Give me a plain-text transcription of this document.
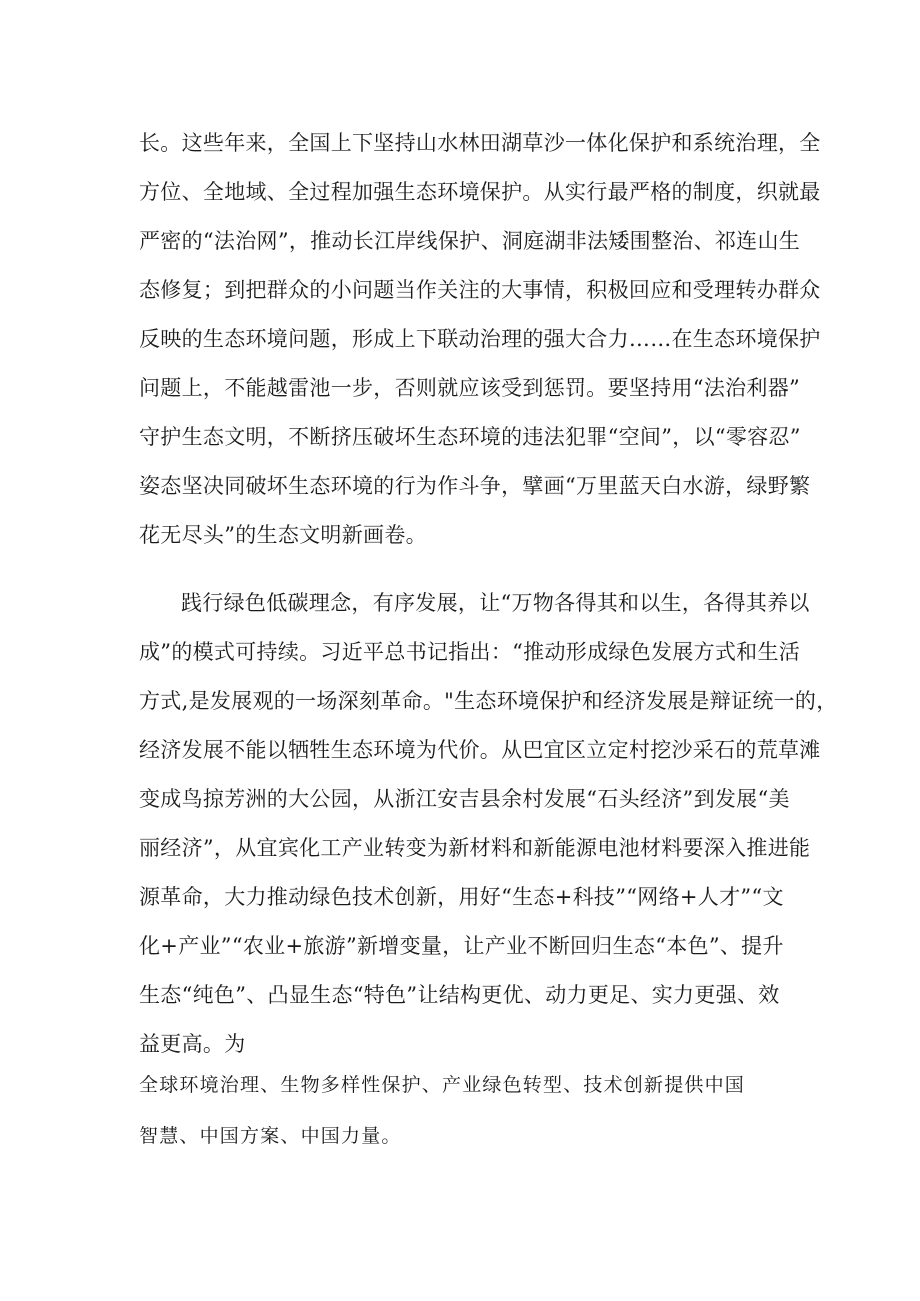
长。这些年来，全国上下坚持山水林田湖草沙一体化保护和系统治理，全
方位、全地域、全过程加强生态环境保护。从实行最严格的制度，织就最
严密的“法治网”，推动长江岸线保护、洞庭湖非法矮围整治、祁连山生
态修复；到把群众的小问题当作关注的大事情，积极回应和受理转办群众
反映的生态环境问题，形成上下联动治理的强大合力……在生态环境保护
问题上，不能越雷池一步，否则就应该受到惩罚。要坚持用“法治利器”
守护生态文明，不断挤压破坏生态环境的违法犯罪“空间”，以“零容忍”
姿态坚决同破坏生态环境的行为作斗争，擘画“万里蓝天白水游，绿野繁
花无尽头”的生态文明新画卷。
践行绿色低碳理念，有序发展，让“万物各得其和以生，各得其养以
成”的模式可持续。习近平总书记指出：“推动形成绿色发展方式和生活
方式,是发展观的一场深刻革命。"生态环境保护和经济发展是辩证统一的，
经济发展不能以牺牲生态环境为代价。从巴宜区立定村挖沙采石的荒草滩
变成鸟掠芳洲的大公园，从浙江安吉县余村发展“石头经济”到发展“美
丽经济”，从宜宾化工产业转变为新材料和新能源电池材料要深入推进能
源革命，大力推动绿色技术创新，用好“生态+科技”“网络+人才”“文
化+产业”“农业+旅游”新增变量，让产业不断回归生态“本色”、提升
生态“纯色”、凸显生态“特色”让结构更优、动力更足、实力更强、效
益更高。为
全球环境治理、生物多样性保护、产业绿色转型、技术创新提供中国
智慧、中国方案、中国力量。
